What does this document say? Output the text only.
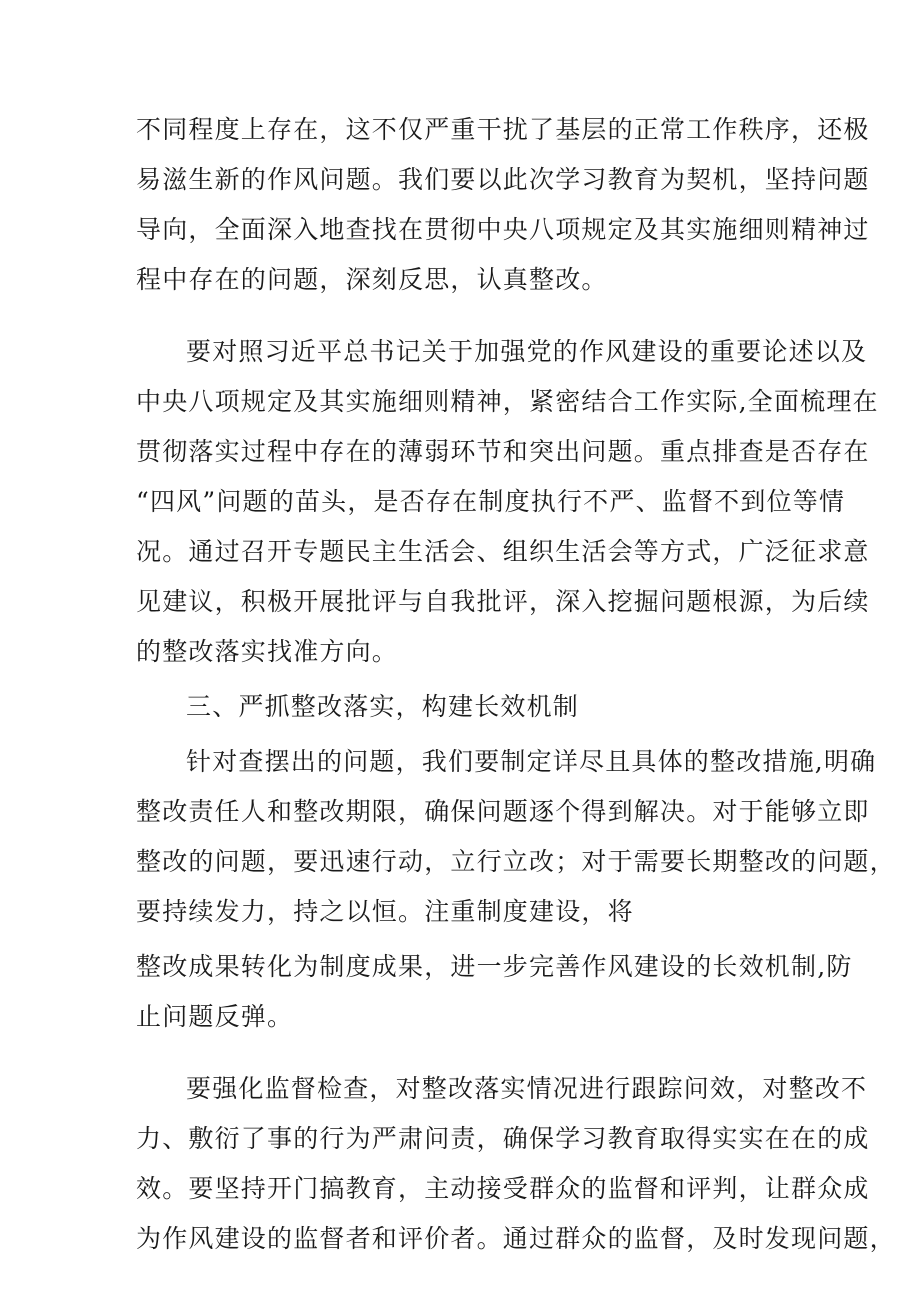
不同程度上存在，这不仅严重干扰了基层的正常工作秩序，还极
易滋生新的作风问题。我们要以此次学习教育为契机，坚持问题
导向，全面深入地查找在贯彻中央八项规定及其实施细则精神过
程中存在的问题，深刻反思，认真整改。
要对照习近平总书记关于加强党的作风建设的重要论述以及
中央八项规定及其实施细则精神，紧密结合工作实际,全面梳理在
贯彻落实过程中存在的薄弱环节和突出问题。重点排查是否存在
“四风”问题的苗头，是否存在制度执行不严、监督不到位等情
况。通过召开专题民主生活会、组织生活会等方式，广泛征求意
见建议，积极开展批评与自我批评，深入挖掘问题根源，为后续
的整改落实找准方向。
三、严抓整改落实，构建长效机制
针对查摆出的问题，我们要制定详尽且具体的整改措施,明确
整改责任人和整改期限，确保问题逐个得到解决。对于能够立即
整改的问题，要迅速行动，立行立改；对于需要长期整改的问题，
要持续发力，持之以恒。注重制度建设，将
整改成果转化为制度成果，进一步完善作风建设的长效机制,防
止问题反弹。
要强化监督检查，对整改落实情况进行跟踪问效，对整改不
力、敷衍了事的行为严肃问责，确保学习教育取得实实在在的成
效。要坚持开门搞教育，主动接受群众的监督和评判，让群众成
为作风建设的监督者和评价者。通过群众的监督，及时发现问题，
